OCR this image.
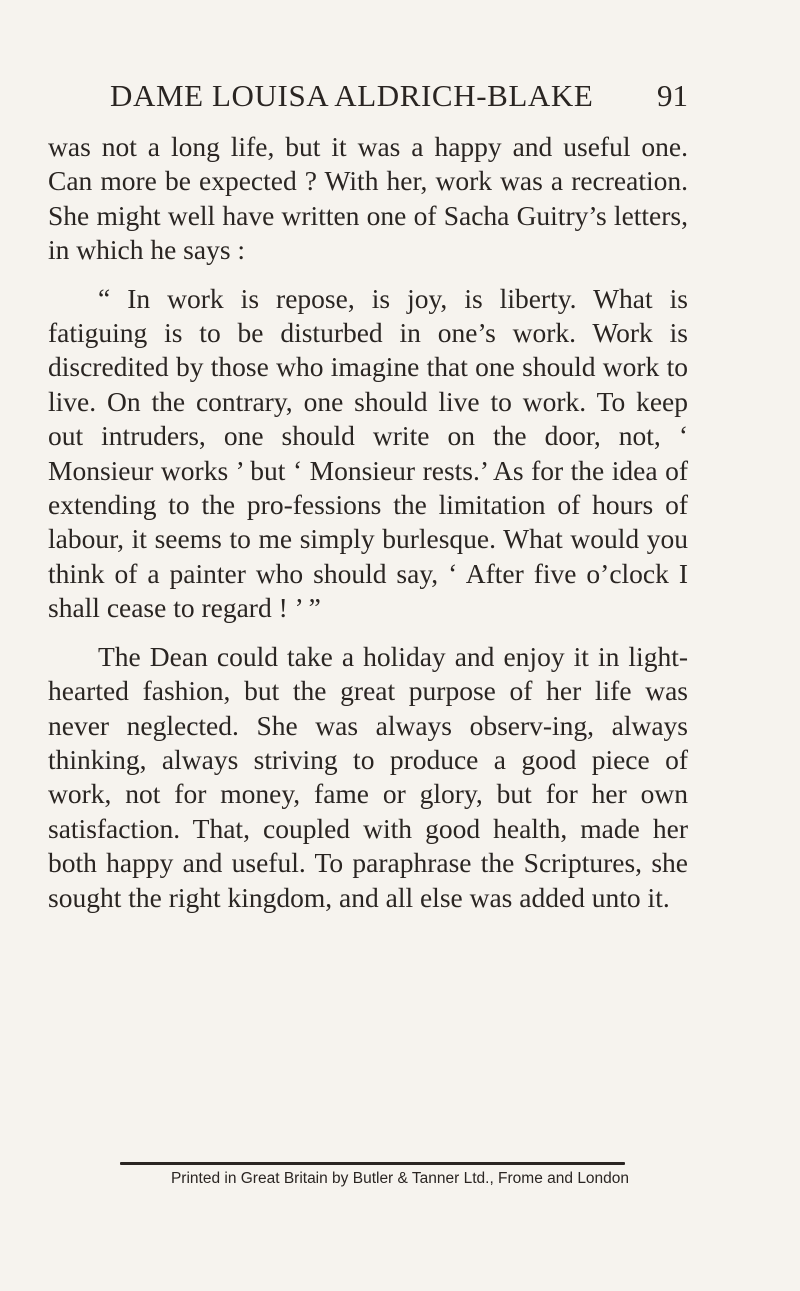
DAME LOUISA ALDRICH-BLAKE 91

was not a long life, but it was a happy and useful one. Can more be expected ? With her, work was a recreation. She might well have written one of Sacha Guitry’s letters, in which he says :

“ In work is repose, is joy, is liberty. What is fatiguing is to be disturbed in one’s work. Work is discredited by those who imagine that one should work to live. On the contrary, one should live to work. To keep out intruders, one should write on the door, not, ‘ Monsieur works ’ but ‘ Monsieur rests.’ As for the idea of extending to the pro-fessions the limitation of hours of labour, it seems to me simply burlesque. What would you think of a painter who should say, ‘ After five o’clock I shall cease to regard ! ’ ”

The Dean could take a holiday and enjoy it in light-hearted fashion, but the great purpose of her life was never neglected. She was always observ-ing, always thinking, always striving to produce a good piece of work, not for money, fame or glory, but for her own satisfaction. That, coupled with good health, made her both happy and useful. To paraphrase the Scriptures, she sought the right kingdom, and all else was added unto it.

Printed in Great Britain by Butler & Tanner Ltd., Frome and London
